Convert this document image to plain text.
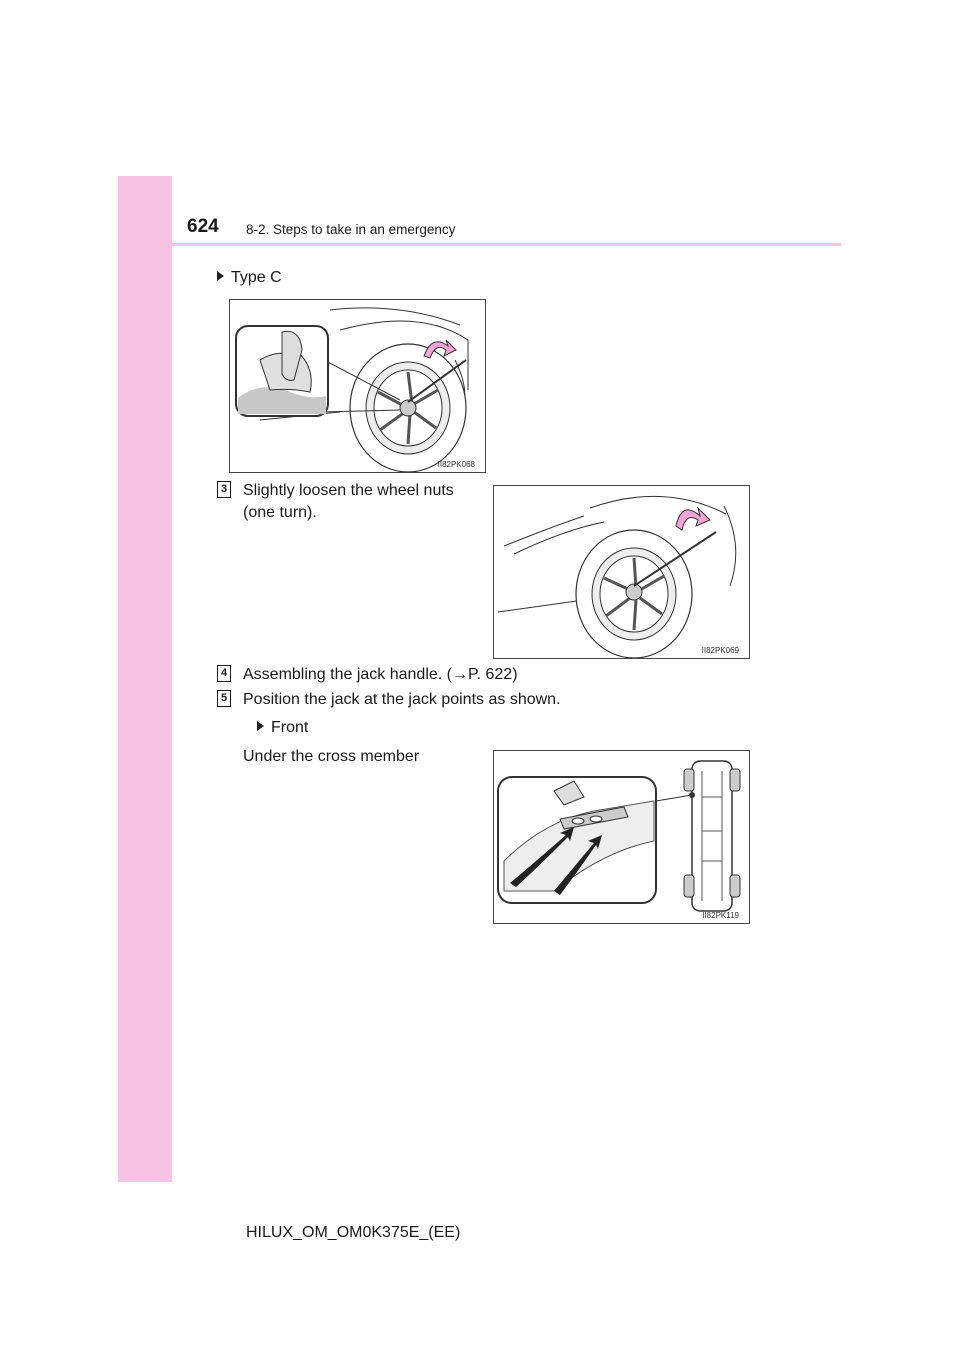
624 8-2. Steps to take in an emergency
Type C
II82PK068
3 Slightly loosen the wheel nuts
(one turn).
II82PK069
4 Assembling the jack handle. (→P. 622)
5 Position the jack at the jack points as shown.
Front
Under the cross member
II82PK119
HILUX_OM_OM0K375E_(EE)
